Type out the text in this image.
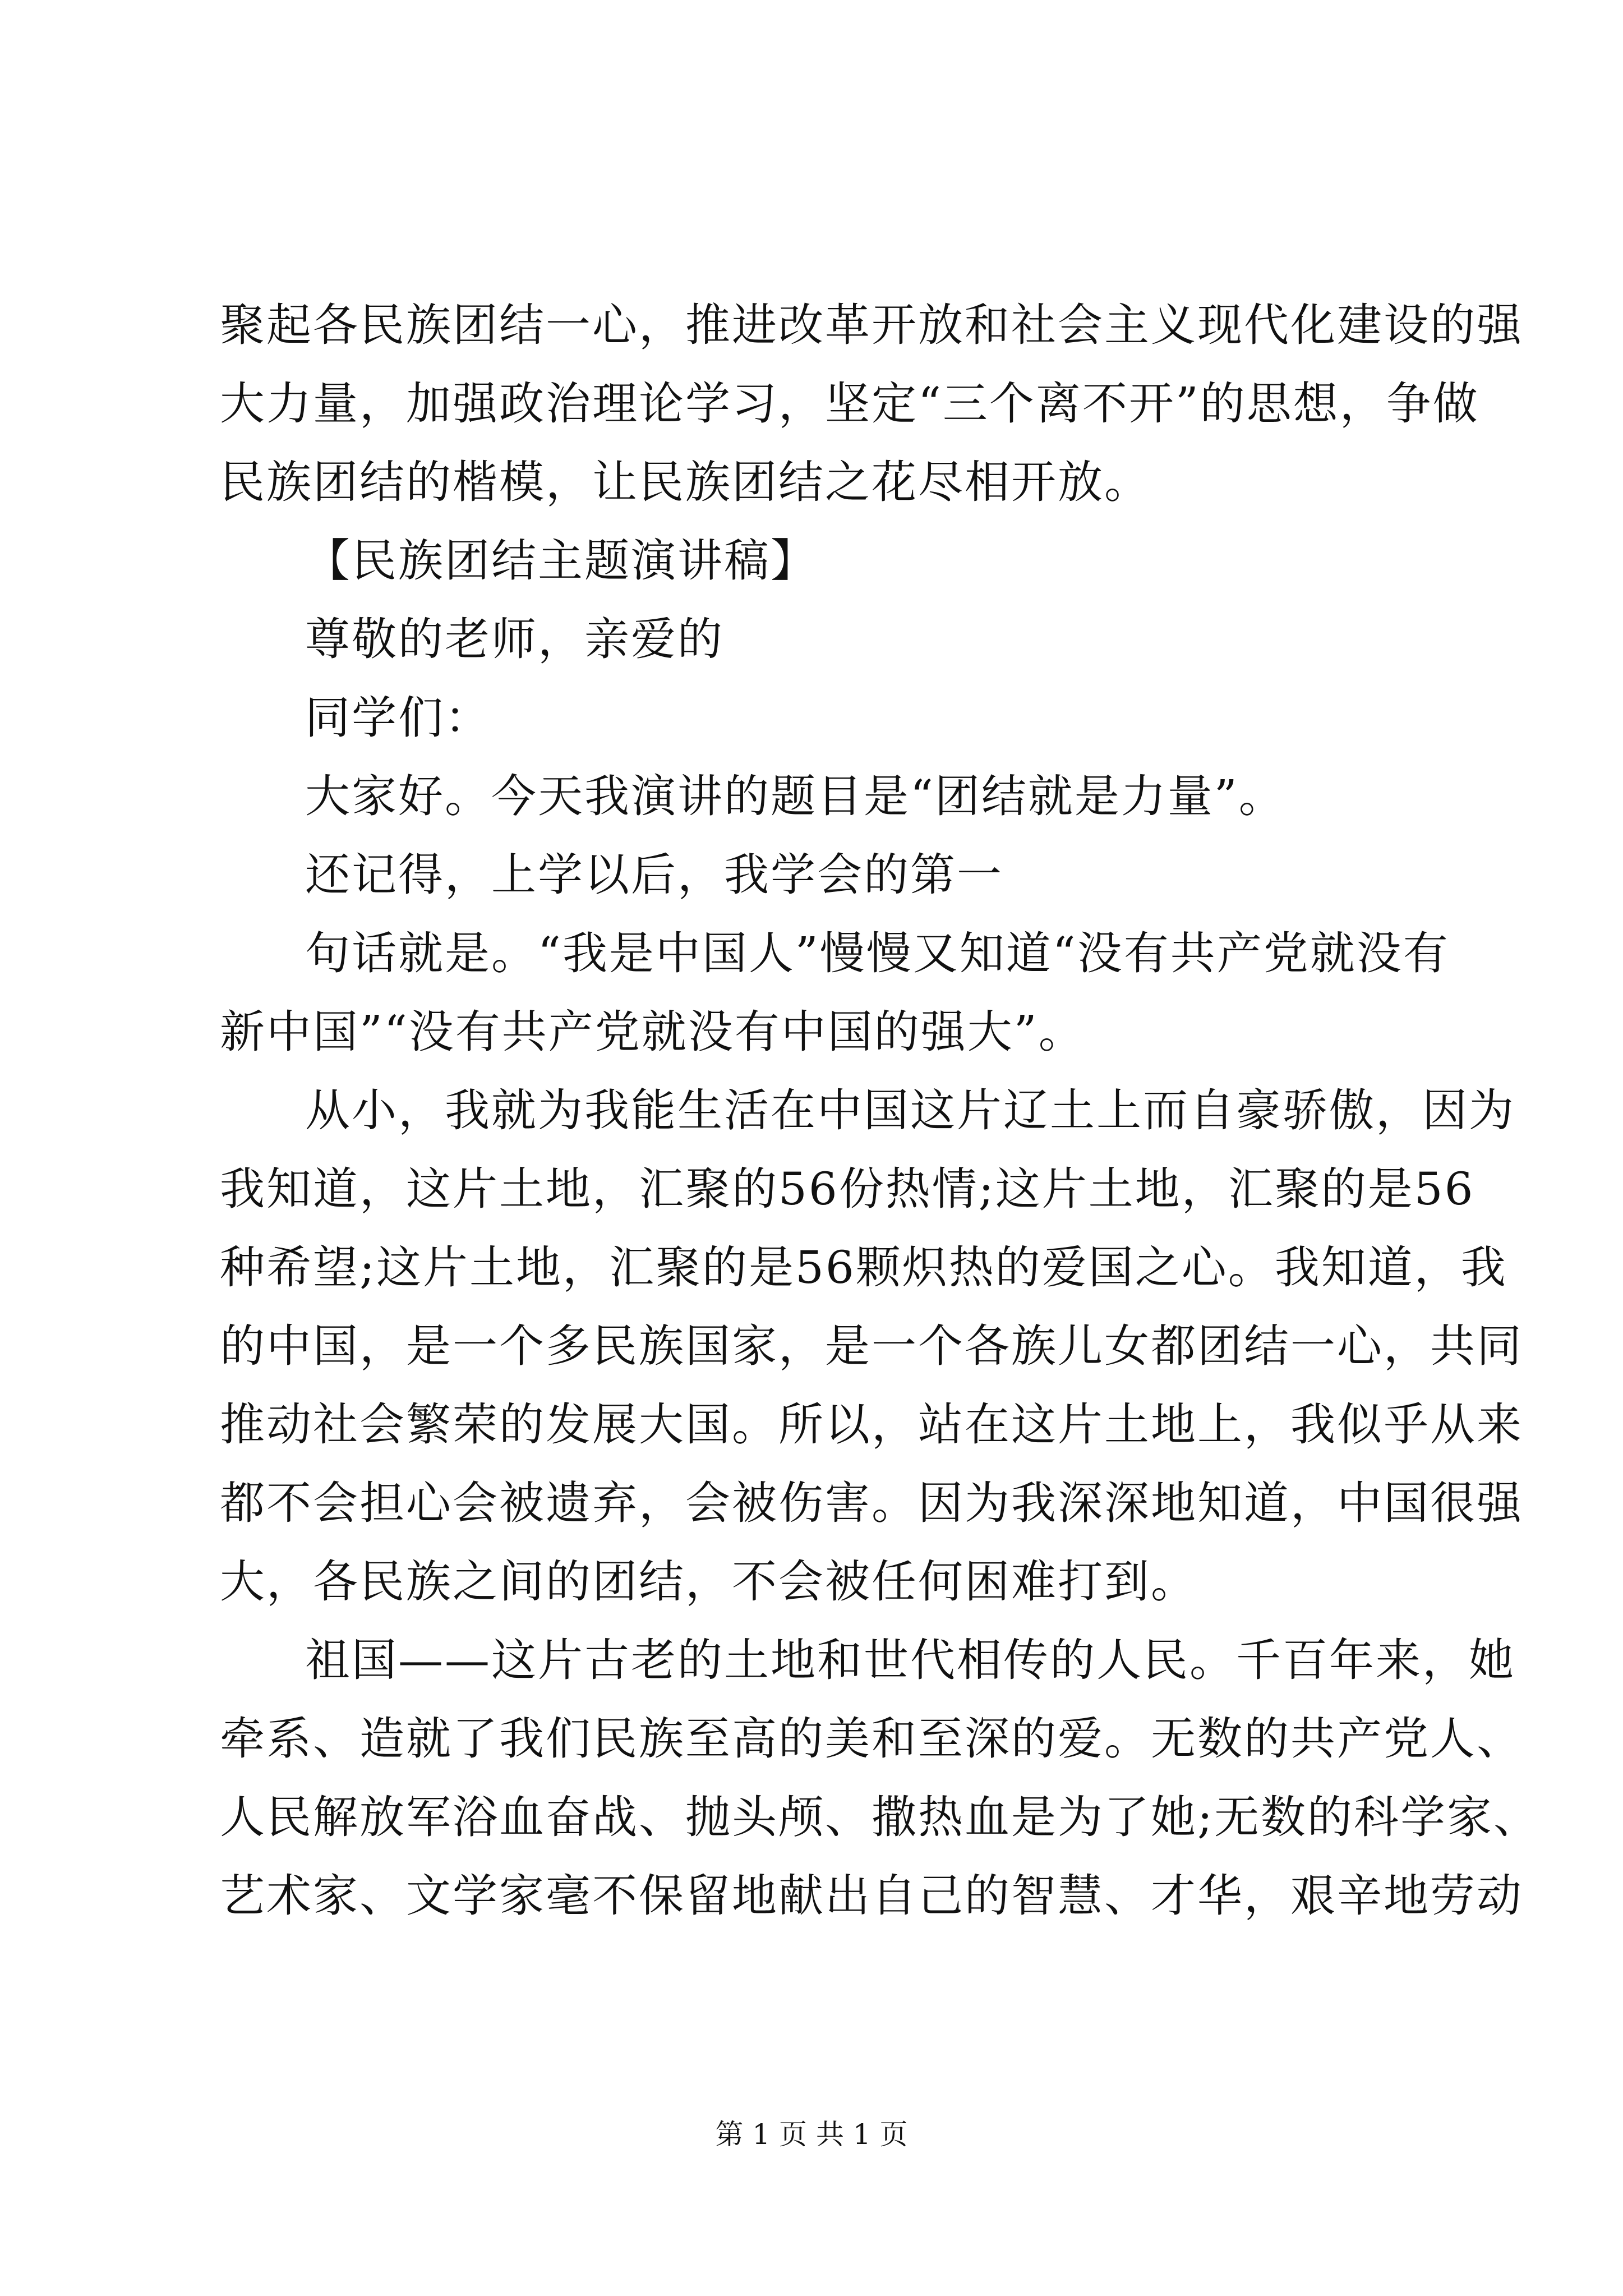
聚起各民族团结一心，推进改革开放和社会主义现代化建设的强
大力量，加强政治理论学习，坚定“三个离不开”的思想，争做
民族团结的楷模，让民族团结之花尽相开放。
【民族团结主题演讲稿】
尊敬的老师，亲爱的
同学们：
大家好。今天我演讲的题目是“团结就是力量”。
还记得，上学以后，我学会的第一
句话就是。“我是中国人”慢慢又知道“没有共产党就没有
新中国”“没有共产党就没有中国的强大”。
从小，我就为我能生活在中国这片辽土上而自豪骄傲，因为
我知道，这片土地，汇聚的56份热情;这片土地，汇聚的是56
种希望;这片土地，汇聚的是56颗炽热的爱国之心。我知道，我
的中国，是一个多民族国家，是一个各族儿女都团结一心，共同
推动社会繁荣的发展大国。所以，站在这片土地上，我似乎从来
都不会担心会被遗弃，会被伤害。因为我深深地知道，中国很强
大，各民族之间的团结，不会被任何困难打到。
祖国——这片古老的土地和世代相传的人民。千百年来，她
牵系、造就了我们民族至高的美和至深的爱。无数的共产党人、
人民解放军浴血奋战、抛头颅、撒热血是为了她;无数的科学家、
艺术家、文学家毫不保留地献出自己的智慧、才华，艰辛地劳动
第 1 页 共 1 页
